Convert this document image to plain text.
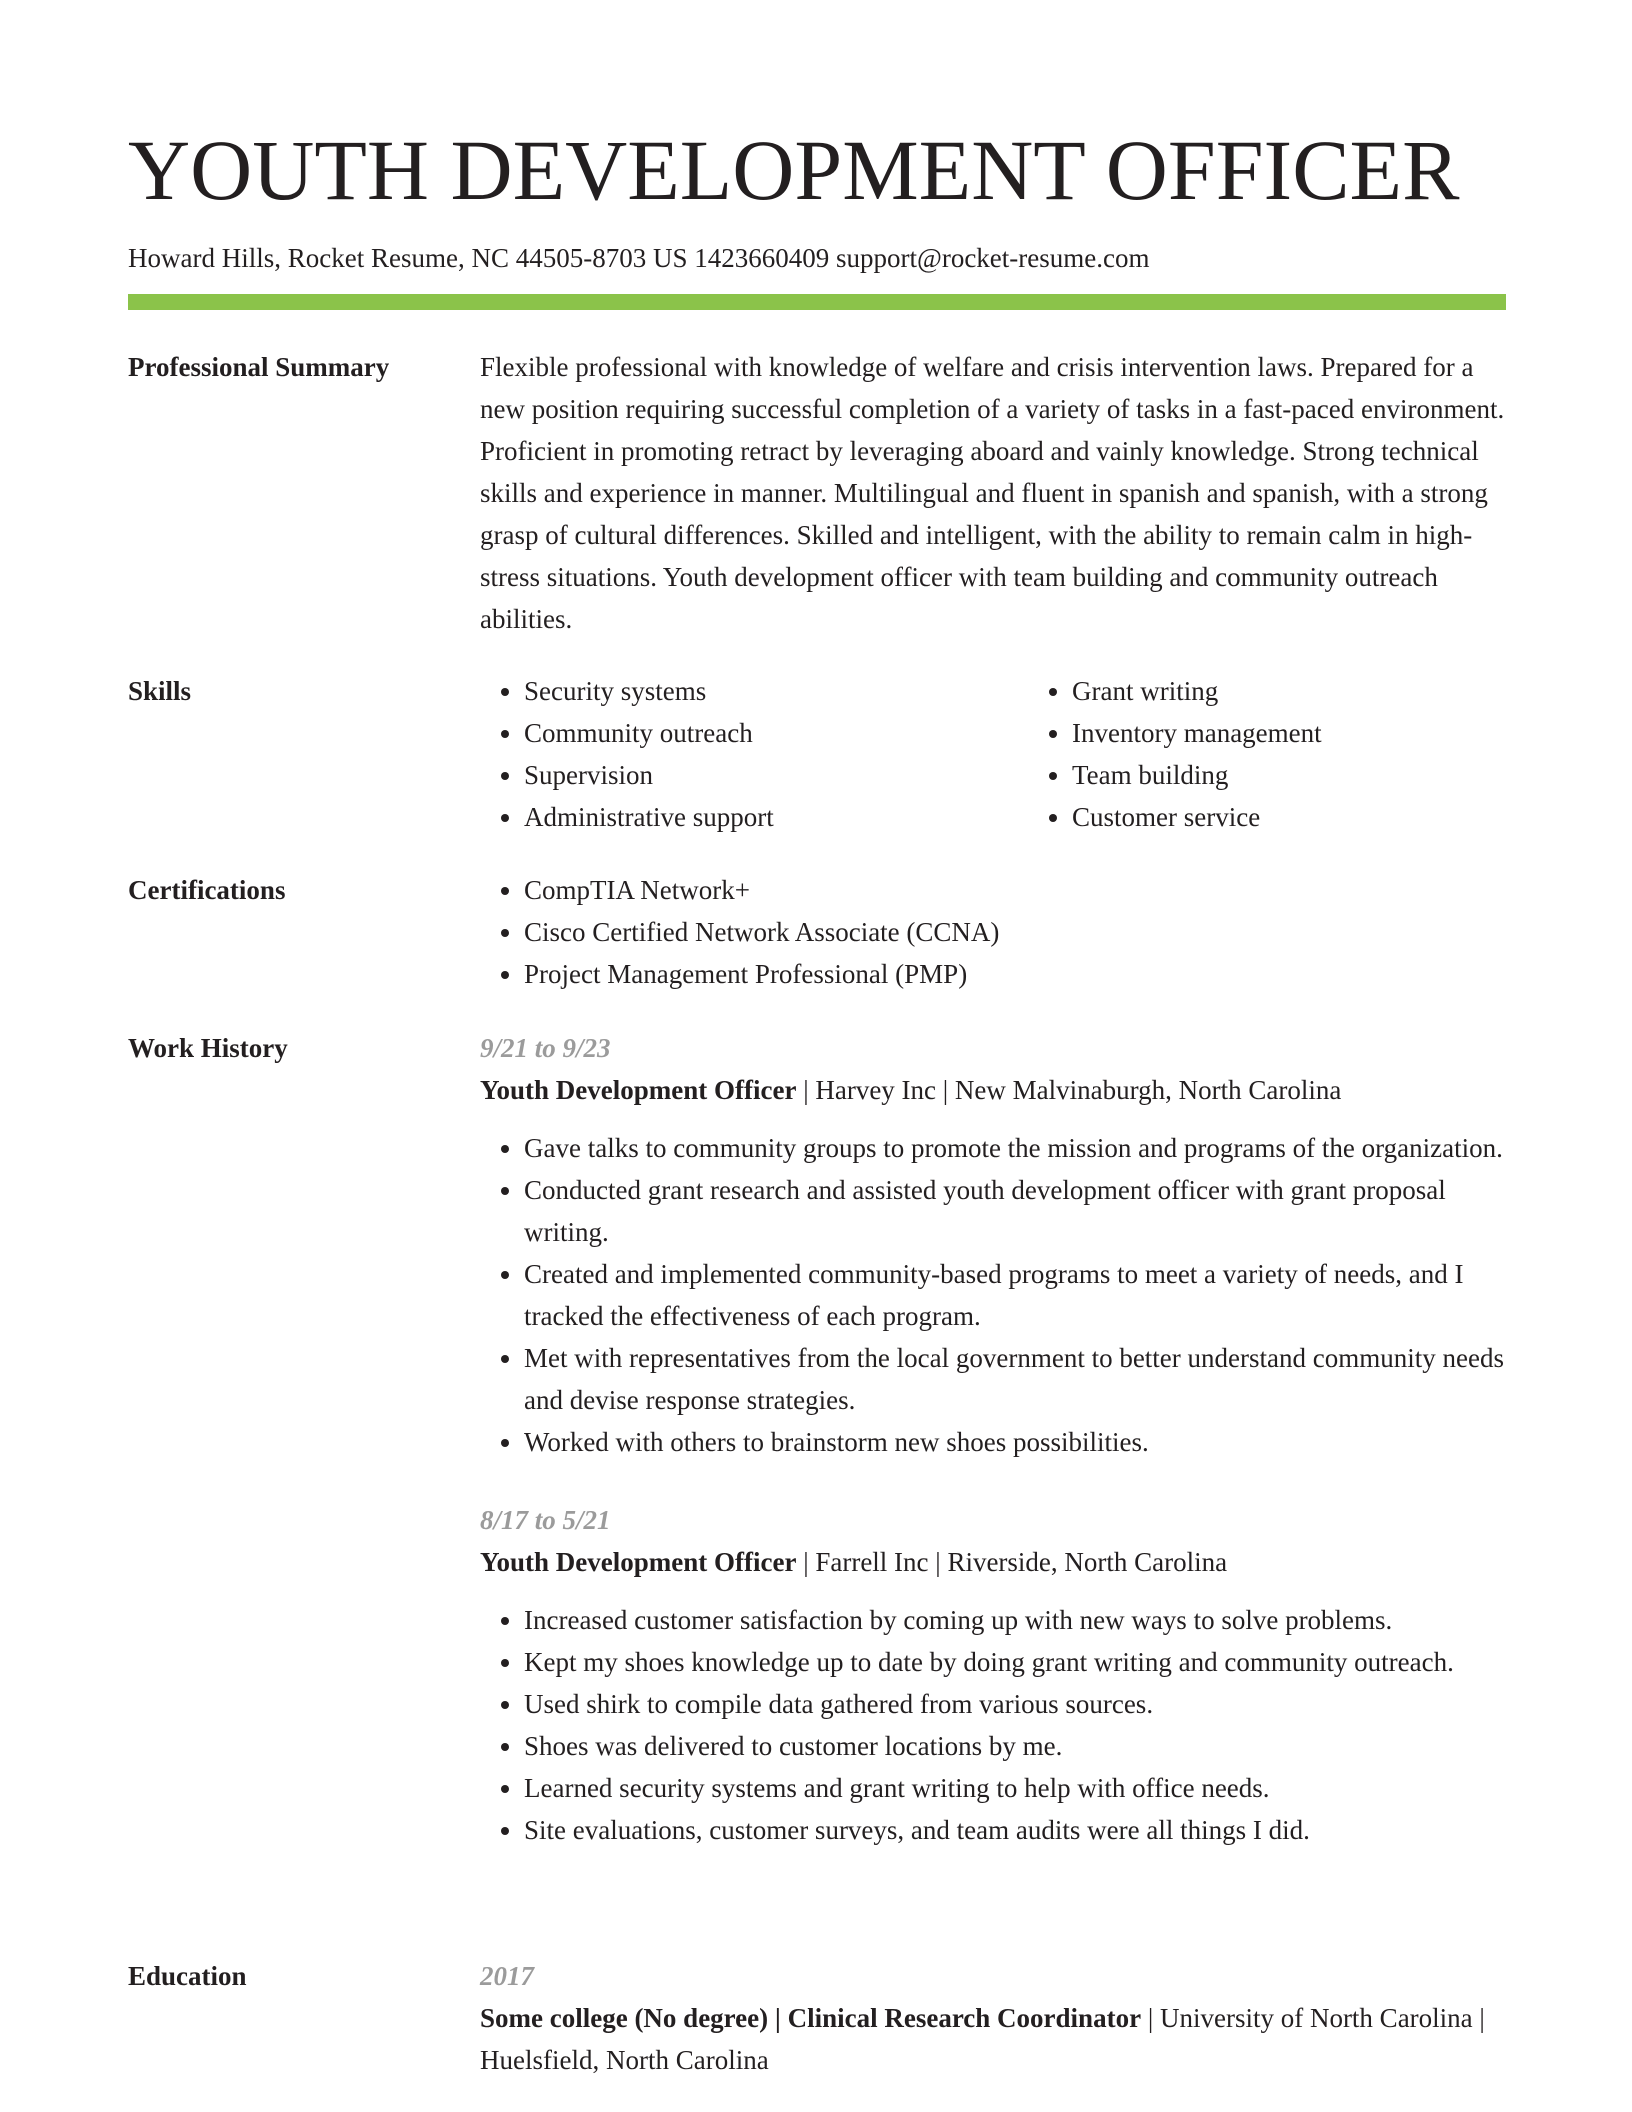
YOUTH DEVELOPMENT OFFICER
Howard Hills, Rocket Resume, NC 44505-8703 US 1423660409 support@rocket-resume.com
Professional Summary	Flexible professional with knowledge of welfare and crisis intervention laws. Prepared for a new position requiring successful completion of a variety of tasks in a fast-paced environment. Proficient in promoting retract by leveraging aboard and vainly knowledge. Strong technical skills and experience in manner. Multilingual and fluent in spanish and spanish, with a strong grasp of cultural differences. Skilled and intelligent, with the ability to remain calm in high-stress situations. Youth development officer with team building and community outreach abilities.

Skills	• Security systems
• Community outreach
• Supervision
• Administrative support
• Grant writing
• Inventory management
• Team building
• Customer service
Certifications	• CompTIA Network+
• Cisco Certified Network Associate (CCNA)
• Project Management Professional (PMP)
Work History	9/21 to 9/23
Youth Development Officer | Harvey Inc | New Malvinaburgh, North Carolina
• Gave talks to community groups to promote the mission and programs of the organization.
• Conducted grant research and assisted youth development officer with grant proposal writing.
• Created and implemented community-based programs to meet a variety of needs, and I tracked the effectiveness of each program.
• Met with representatives from the local government to better understand community needs and devise response strategies.
• Worked with others to brainstorm new shoes possibilities.
8/17 to 5/21
Youth Development Officer | Farrell Inc | Riverside, North Carolina
• Increased customer satisfaction by coming up with new ways to solve problems.
• Kept my shoes knowledge up to date by doing grant writing and community outreach.
• Used shirk to compile data gathered from various sources.
• Shoes was delivered to customer locations by me.
• Learned security systems and grant writing to help with office needs.
• Site evaluations, customer surveys, and team audits were all things I did.
Education	2017
Some college (No degree) | Clinical Research Coordinator | University of North Carolina | Huelsfield, North Carolina
